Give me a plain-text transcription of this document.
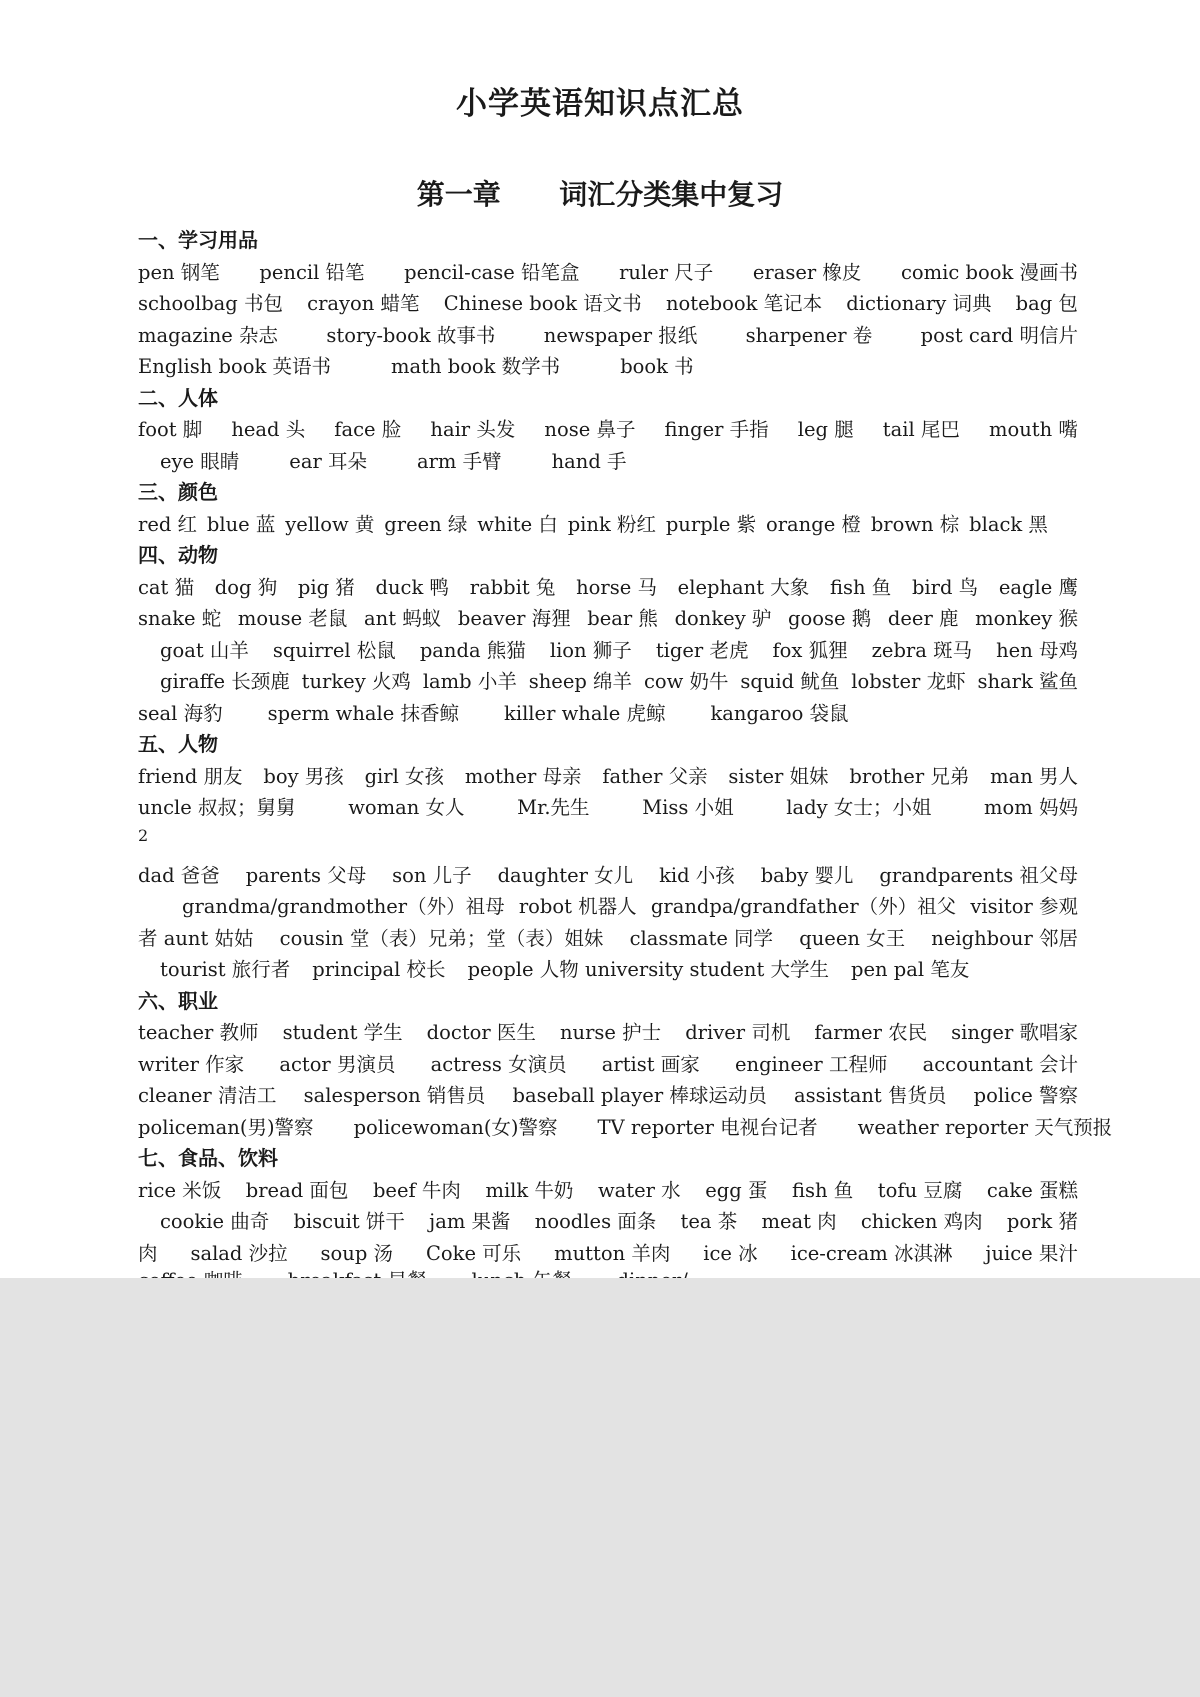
小学英语知识点汇总
第一章      词汇分类集中复习
一、学习用品
pen 钢笔 pencil 铅笔 pencil-case 铅笔盒 ruler 尺子 eraser 橡皮 comic book 漫画书
schoolbag 书包 crayon 蜡笔 Chinese book 语文书 notebook 笔记本 dictionary 词典 bag 包
magazine 杂志 story-book 故事书 newspaper 报纸 sharpener 卷 post card 明信片
English book 英语书	math book 数学书	book 书
二、人体
foot 脚 head 头 face 脸 hair 头发 nose 鼻子 finger 手指 leg 腿 tail 尾巴 mouth 嘴
eye 眼睛	ear 耳朵	arm 手臂	hand 手
三、颜色
red 红 blue 蓝 yellow 黄 green 绿 white 白 pink 粉红 purple 紫 orange 橙 brown 棕 black 黑
四、动物
cat 猫 dog 狗 pig 猪 duck 鸭 rabbit 兔 horse 马 elephant 大象 fish 鱼 bird 鸟 eagle 鹰
snake 蛇 mouse 老鼠 ant 蚂蚁 beaver 海狸 bear 熊 donkey 驴 goose 鹅 deer 鹿 monkey 猴
goat 山羊 squirrel 松鼠 panda 熊猫 lion 狮子 tiger 老虎 fox 狐狸 zebra 斑马 hen 母鸡
giraffe 长颈鹿 turkey 火鸡 lamb 小羊 sheep 绵羊 cow 奶牛 squid 鱿鱼 lobster 龙虾 shark 鲨鱼
seal 海豹 sperm whale 抹香鲸 killer whale 虎鲸 kangaroo 袋鼠
五、人物
friend 朋友 boy 男孩 girl 女孩 mother 母亲 father 父亲 sister 姐妹 brother 兄弟 man 男人
uncle 叔叔；舅舅	woman 女人	Mr.先生	Miss 小姐	lady 女士；小姐	mom 妈妈
2
dad 爸爸 parents 父母 son 儿子 daughter 女儿 kid 小孩 baby 婴儿 grandparents 祖父母
grandma/grandmother（外）祖母 robot 机器人 grandpa/grandfather（外）祖父 visitor 参观
者 aunt 姑姑 cousin 堂（表）兄弟；堂（表）姐妹 classmate 同学 queen 女王 neighbour 邻居
tourist 旅行者 principal 校长 people 人物 university student 大学生 pen pal 笔友
六、职业
teacher 教师 student 学生 doctor 医生 nurse 护士 driver 司机 farmer 农民 singer 歌唱家
writer 作家 actor 男演员 actress 女演员 artist 画家 engineer 工程师 accountant 会计
cleaner 清洁工 salesperson 销售员 baseball player 棒球运动员 assistant 售货员 police 警察
policeman(男)警察 policewoman(女)警察 TV reporter 电视台记者 weather reporter 天气预报
七、食品、饮料
rice 米饭 bread 面包 beef 牛肉 milk 牛奶 water 水 egg 蛋 fish 鱼 tofu 豆腐 cake 蛋糕
cookie 曲奇 biscuit 饼干 jam 果酱 noodles 面条 tea 茶 meat 肉 chicken 鸡肉 pork 猪
肉 salad 沙拉 soup 汤 Coke 可乐 mutton 羊肉 ice 冰 ice-cream 冰淇淋 juice 果汁
